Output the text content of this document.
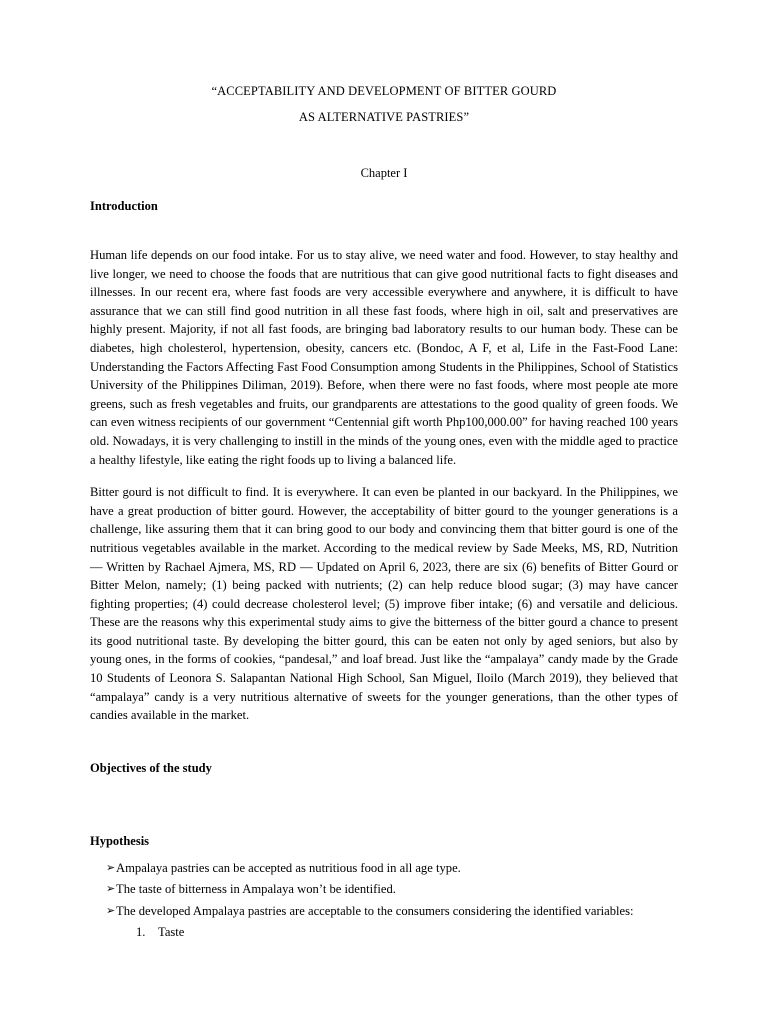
“ACCEPTABILITY AND DEVELOPMENT OF BITTER GOURD
AS ALTERNATIVE PASTRIES”
Chapter I
Introduction

Human life depends on our food intake. For us to stay alive, we need water and food. However, to stay healthy and live longer, we need to choose the foods that are nutritious that can give good nutritional facts to fight diseases and illnesses. In our recent era, where fast foods are very accessible everywhere and anywhere, it is difficult to have assurance that we can still find good nutrition in all these fast foods, where high in oil, salt and preservatives are highly present. Majority, if not all fast foods, are bringing bad laboratory results to our human body. These can be diabetes, high cholesterol, hypertension, obesity, cancers etc. (Bondoc, A F, et al, Life in the Fast-Food Lane: Understanding the Factors Affecting Fast Food Consumption among Students in the Philippines, School of Statistics University of the Philippines Diliman, 2019). Before, when there were no fast foods, where most people ate more greens, such as fresh vegetables and fruits, our grandparents are attestations to the good quality of green foods. We can even witness recipients of our government “Centennial gift worth Php100,000.00” for having reached 100 years old. Nowadays, it is very challenging to instill in the minds of the young ones, even with the middle aged to practice a healthy lifestyle, like eating the right foods up to living a balanced life.

Bitter gourd is not difficult to find. It is everywhere. It can even be planted in our backyard. In the Philippines, we have a great production of bitter gourd. However, the acceptability of bitter gourd to the younger generations is a challenge, like assuring them that it can bring good to our body and convincing them that bitter gourd is one of the nutritious vegetables available in the market. According to the medical review by Sade Meeks, MS, RD, Nutrition — Written by Rachael Ajmera, MS, RD — Updated on April 6, 2023, there are six (6) benefits of Bitter Gourd or Bitter Melon, namely; (1) being packed with nutrients; (2) can help reduce blood sugar; (3) may have cancer fighting properties; (4) could decrease cholesterol level; (5) improve fiber intake; (6) and versatile and delicious. These are the reasons why this experimental study aims to give the bitterness of the bitter gourd a chance to present its good nutritional taste. By developing the bitter gourd, this can be eaten not only by aged seniors, but also by young ones, in the forms of cookies, “pandesal,” and loaf bread. Just like the “ampalaya” candy made by the Grade 10 Students of Leonora S. Salapantan National High School, San Miguel, Iloilo (March 2019), they believed that “ampalaya” candy is a very nutritious alternative of sweets for the younger generations, than the other types of candies available in the market.

Objectives of the study
Hypothesis
➢ Ampalaya pastries can be accepted as nutritious food in all age type.
➢ The taste of bitterness in Ampalaya won’t be identified.
➢ The developed Ampalaya pastries are acceptable to the consumers considering the identified variables:
1. Taste
